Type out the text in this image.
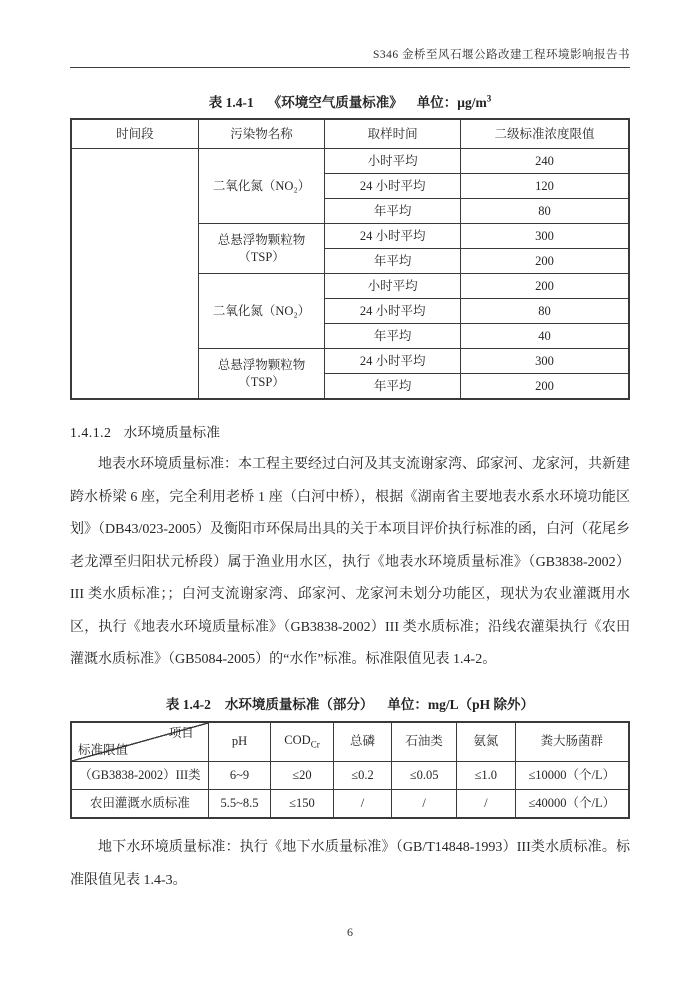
S346 金桥至风石堰公路改建工程环境影响报告书
表 1.4-1 《环境空气质量标准》 单位：$\mu g/m^3$
时间段	污染物名称	取样时间	二级标准浓度限值
	二氧化氮（NO₂）	小时平均	240
		24 小时平均	120
		年平均	80
	总悬浮物颗粒物（TSP）	24 小时平均	300
		年平均	200
	二氧化氮（NO₂）	小时平均	200
		24 小时平均	80
		年平均	40
	总悬浮物颗粒物（TSP）	24 小时平均	300
		年平均	200
1.4.1.2 水环境质量标准
地表水环境质量标准：本工程主要经过白河及其支流谢家湾、邱家河、龙家河，共新建跨水桥梁 6 座，完全利用老桥 1 座（白河中桥），根据《湖南省主要地表水系水环境功能区划》（DB43/023-2005）及衡阳市环保局出具的关于本项目评价执行标准的函，白河（花尾乡老龙潭至归阳状元桥段）属于渔业用水区，执行《地表水环境质量标准》（GB3838-2002）III 类水质标准；；白河支流谢家湾、邱家河、龙家河未划分功能区，现状为农业灌溉用水区，执行《地表水环境质量标准》（GB3838-2002）III 类水质标准；沿线农灌渠执行《农田灌溉水质标准》（GB5084-2005）的“水作”标准。标准限值见表 1.4-2。
表 1.4-2 水环境质量标准（部分） 单位：mg/L（pH 除外）
项目
标准限值	pH	$COD_{Cr}$	总磷	石油类	氨氮	粪大肠菌群
（GB3838-2002）III类	6~9	≤20	≤0.2	≤0.05	≤1.0	≤10000（个/L）
农田灌溉水质标准	5.5~8.5	≤150	/	/	/	≤40000（个/L）
地下水环境质量标准：执行《地下水质量标准》（GB/T14848-1993）III类水质标准。标准限值见表 1.4-3。
6
